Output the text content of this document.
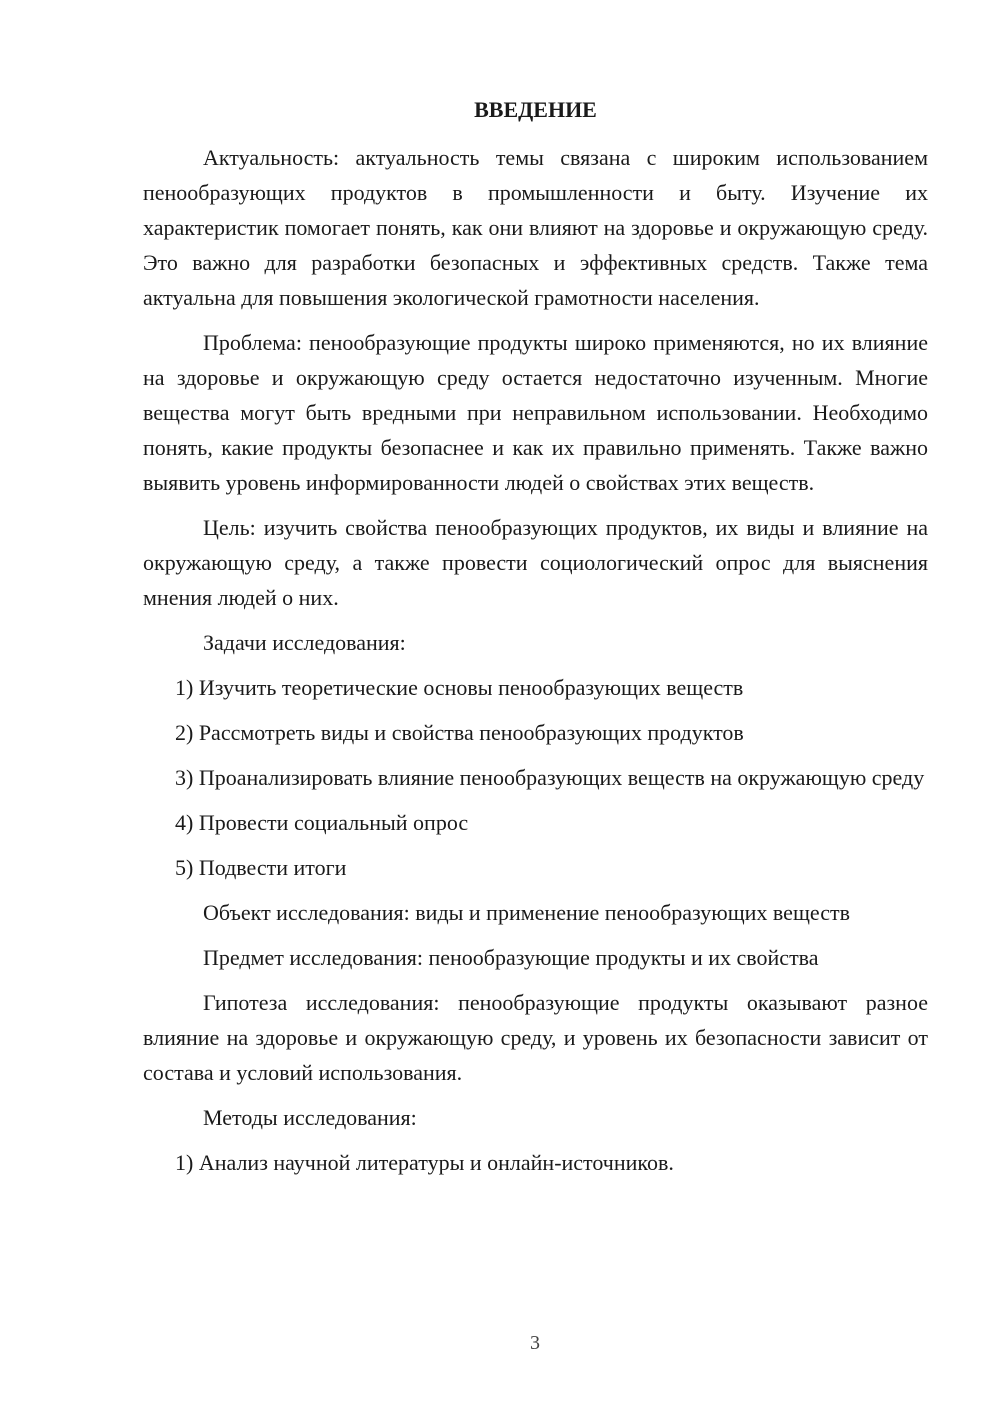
ВВЕДЕНИЕ

Актуальность: актуальность темы связана с широким использованием пенообразующих продуктов в промышленности и быту. Изучение их характеристик помогает понять, как они влияют на здоровье и окружающую среду. Это важно для разработки безопасных и эффективных средств. Также тема актуальна для повышения экологической грамотности населения.

Проблема: пенообразующие продукты широко применяются, но их влияние на здоровье и окружающую среду остается недостаточно изученным. Многие вещества могут быть вредными при неправильном использовании. Необходимо понять, какие продукты безопаснее и как их правильно применять. Также важно выявить уровень информированности людей о свойствах этих веществ.

Цель: изучить свойства пенообразующих продуктов, их виды и влияние на окружающую среду, а также провести социологический опрос для выяснения мнения людей о них.

Задачи исследования:

1) Изучить теоретические основы пенообразующих веществ

2) Рассмотреть виды и свойства пенообразующих продуктов

3) Проанализировать влияние пенообразующих веществ на окружающую среду

4) Провести социальный опрос

5) Подвести итоги

Объект исследования: виды и применение пенообразующих веществ

Предмет исследования: пенообразующие продукты и их свойства

Гипотеза исследования: пенообразующие продукты оказывают разное влияние на здоровье и окружающую среду, и уровень их безопасности зависит от состава и условий использования.

Методы исследования:

1) Анализ научной литературы и онлайн-источников.

3
